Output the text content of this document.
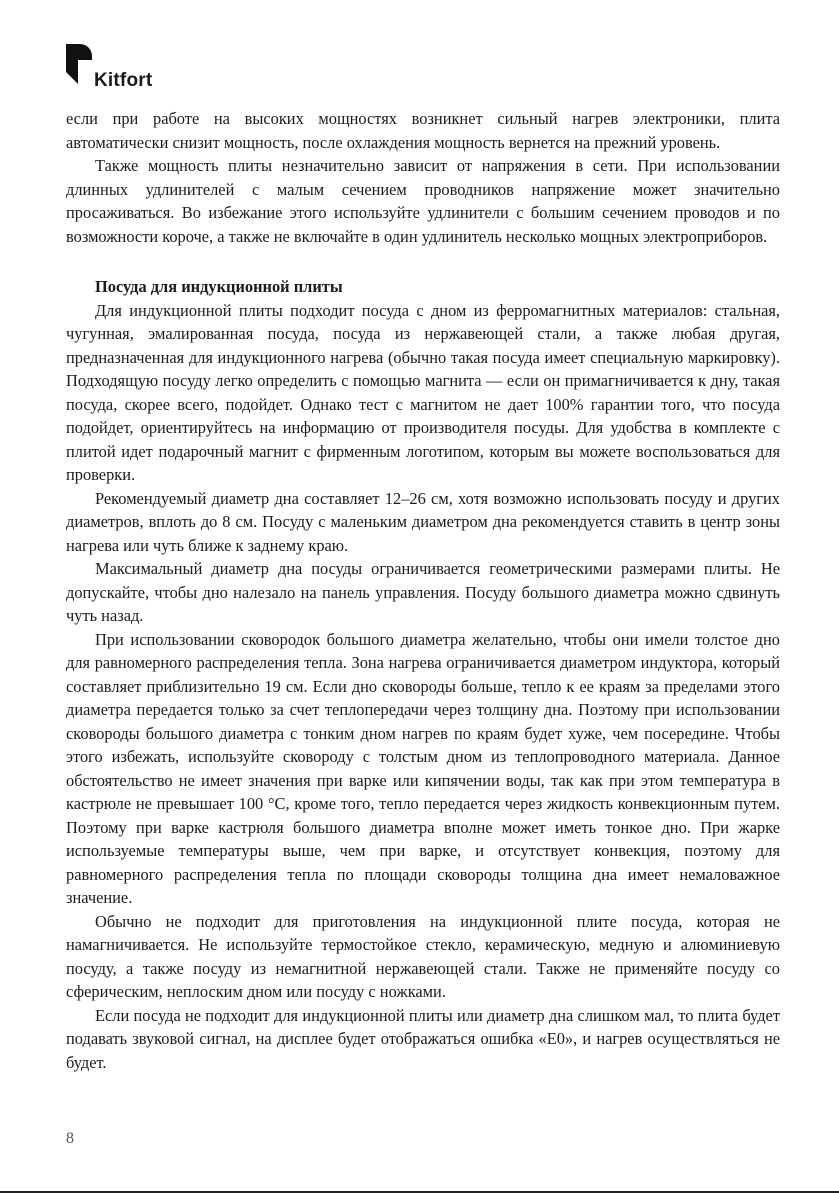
Kitfort

если при работе на высоких мощностях возникнет сильный нагрев электроники, плита автоматически снизит мощность, после охлаждения мощность вернется на прежний уровень.

Также мощность плиты незначительно зависит от напряжения в сети. При использовании длинных удлинителей с малым сечением проводников напряжение может значительно просаживаться. Во избежание этого используйте удлинители с большим сечением проводов и по возможности короче, а также не включайте в один удлинитель несколько мощных электроприборов.

Посуда для индукционной плиты

Для индукционной плиты подходит посуда с дном из ферромагнитных материалов: стальная, чугунная, эмалированная посуда, посуда из нержавеющей стали, а также любая другая, предназначенная для индукционного нагрева (обычно такая посуда имеет специальную маркировку). Подходящую посуду легко определить с помощью магнита — если он примагничивается к дну, такая посуда, скорее всего, подойдет. Однако тест с магнитом не дает 100% гарантии того, что посуда подойдет, ориентируйтесь на информацию от производителя посуды. Для удобства в комплекте с плитой идет подарочный магнит с фирменным логотипом, которым вы можете воспользоваться для проверки.

Рекомендуемый диаметр дна составляет 12–26 см, хотя возможно использовать посуду и других диаметров, вплоть до 8 см. Посуду с маленьким диаметром дна рекомендуется ставить в центр зоны нагрева или чуть ближе к заднему краю.

Максимальный диаметр дна посуды ограничивается геометрическими размерами плиты. Не допускайте, чтобы дно налезало на панель управления. Посуду большого диаметра можно сдвинуть чуть назад.

При использовании сковородок большого диаметра желательно, чтобы они имели толстое дно для равномерного распределения тепла. Зона нагрева ограничивается диаметром индуктора, который составляет приблизительно 19 см. Если дно сковороды больше, тепло к ее краям за пределами этого диаметра передается только за счет теплопередачи через толщину дна. Поэтому при использовании сковороды большого диаметра с тонким дном нагрев по краям будет хуже, чем посередине. Чтобы этого избежать, используйте сковороду с толстым дном из теплопроводного материала. Данное обстоятельство не имеет значения при варке или кипячении воды, так как при этом температура в кастрюле не превышает 100 °С, кроме того, тепло передается через жидкость конвекционным путем. Поэтому при варке кастрюля большого диаметра вполне может иметь тонкое дно. При жарке используемые температуры выше, чем при варке, и отсутствует конвекция, поэтому для равномерного распределения тепла по площади сковороды толщина дна имеет немаловажное значение.

Обычно не подходит для приготовления на индукционной плите посуда, которая не намагничивается. Не используйте термостойкое стекло, керамическую, медную и алюминиевую посуду, а также посуду из немагнитной нержавеющей стали. Также не применяйте посуду со сферическим, неплоским дном или посуду с ножками.

Если посуда не подходит для индукционной плиты или диаметр дна слишком мал, то плита будет подавать звуковой сигнал, на дисплее будет отображаться ошибка «Е0», и нагрев осуществляться не будет.

8
